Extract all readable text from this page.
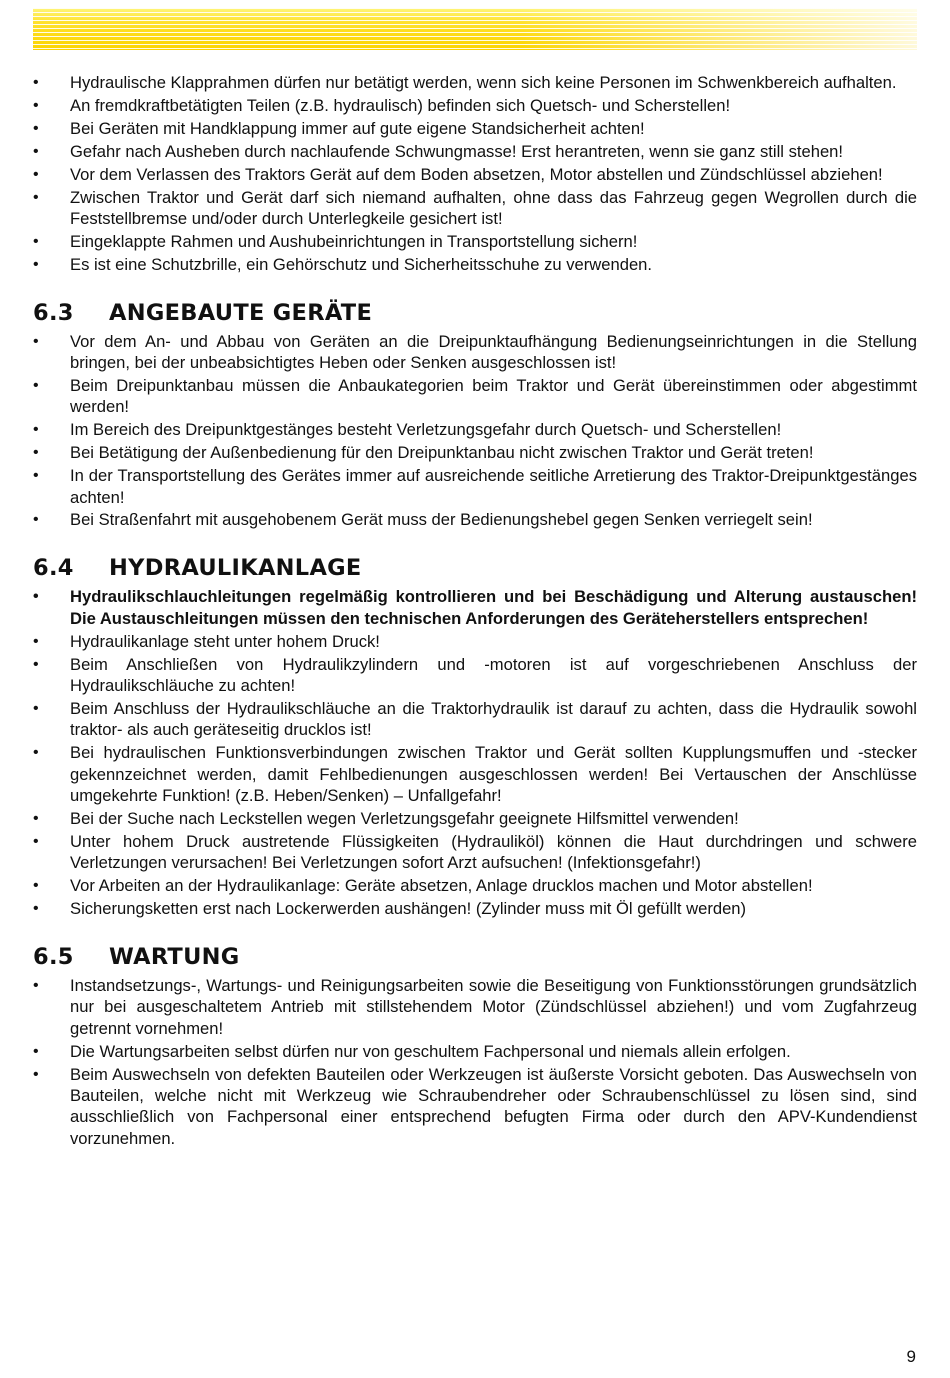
• Hydraulische Klapprahmen dürfen nur betätigt werden, wenn sich keine Personen im Schwenkbereich aufhalten.
• An fremdkraftbetätigten Teilen (z.B. hydraulisch) befinden sich Quetsch- und Scherstellen!
• Bei Geräten mit Handklappung immer auf gute eigene Standsicherheit achten!
• Gefahr nach Ausheben durch nachlaufende Schwungmasse! Erst herantreten, wenn sie ganz still stehen!
• Vor dem Verlassen des Traktors Gerät auf dem Boden absetzen, Motor abstellen und Zündschlüssel abziehen!
• Zwischen Traktor und Gerät darf sich niemand aufhalten, ohne dass das Fahrzeug gegen Wegrollen durch die Feststellbremse und/oder durch Unterlegkeile gesichert ist!
• Eingeklappte Rahmen und Aushubeinrichtungen in Transportstellung sichern!
• Es ist eine Schutzbrille, ein Gehörschutz und Sicherheitsschuhe zu verwenden.
6.3	ANGEBAUTE GERÄTE
• Vor dem An- und Abbau von Geräten an die Dreipunktaufhängung Bedienungseinrichtungen in die Stellung bringen, bei der unbeabsichtigtes Heben oder Senken ausgeschlossen ist!
• Beim Dreipunktanbau müssen die Anbaukategorien beim Traktor und Gerät übereinstimmen oder abgestimmt werden!
• Im Bereich des Dreipunktgestänges besteht Verletzungsgefahr durch Quetsch- und Scherstellen!
• Bei Betätigung der Außenbedienung für den Dreipunktanbau nicht zwischen Traktor und Gerät treten!
• In der Transportstellung des Gerätes immer auf ausreichende seitliche Arretierung des Traktor-Dreipunktgestänges achten!
• Bei Straßenfahrt mit ausgehobenem Gerät muss der Bedienungshebel gegen Senken verriegelt sein!
6.4	HYDRAULIKANLAGE
• Hydraulikschlauchleitungen regelmäßig kontrollieren und bei Beschädigung und Alterung austauschen! Die Austauschleitungen müssen den technischen Anforderungen des Geräteherstellers entsprechen!
• Hydraulikanlage steht unter hohem Druck!
• Beim Anschließen von Hydraulikzylindern und -motoren ist auf vorgeschriebenen Anschluss der Hydraulikschläuche zu achten!
• Beim Anschluss der Hydraulikschläuche an die Traktorhydraulik ist darauf zu achten, dass die Hydraulik sowohl traktor- als auch geräteseitig drucklos ist!
• Bei hydraulischen Funktionsverbindungen zwischen Traktor und Gerät sollten Kupplungsmuffen und -stecker gekennzeichnet werden, damit Fehlbedienungen ausgeschlossen werden! Bei Vertauschen der Anschlüsse umgekehrte Funktion! (z.B. Heben/Senken) – Unfallgefahr!
• Bei der Suche nach Leckstellen wegen Verletzungsgefahr geeignete Hilfsmittel verwenden!
• Unter hohem Druck austretende Flüssigkeiten (Hydrauliköl) können die Haut durchdringen und schwere Verletzungen verursachen! Bei Verletzungen sofort Arzt aufsuchen! (Infektionsgefahr!)
• Vor Arbeiten an der Hydraulikanlage: Geräte absetzen, Anlage drucklos machen und Motor abstellen!
• Sicherungsketten erst nach Lockerwerden aushängen! (Zylinder muss mit Öl gefüllt werden)
6.5	WARTUNG
• Instandsetzungs-, Wartungs- und Reinigungsarbeiten sowie die Beseitigung von Funktionsstörungen grundsätzlich nur bei ausgeschaltetem Antrieb mit stillstehendem Motor (Zündschlüssel abziehen!) und vom Zugfahrzeug getrennt vornehmen!
• Die Wartungsarbeiten selbst dürfen nur von geschultem Fachpersonal und niemals allein erfolgen.
• Beim Auswechseln von defekten Bauteilen oder Werkzeugen ist äußerste Vorsicht geboten. Das Auswechseln von Bauteilen, welche nicht mit Werkzeug wie Schraubendreher oder Schraubenschlüssel zu lösen sind, sind ausschließlich von Fachpersonal einer entsprechend befugten Firma oder durch den APV-Kundendienst vorzunehmen.
9
